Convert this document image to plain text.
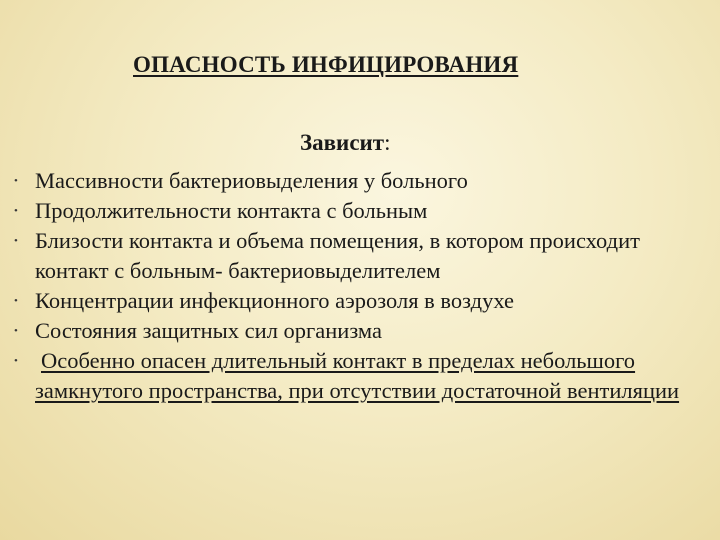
ОПАСНОСТЬ ИНФИЦИРОВАНИЯ
Зависит:
• Массивности бактериовыделения у больного
• Продолжительности контакта с больным
• Близости контакта и объема помещения, в котором происходит контакт с больным- бактериовыделителем
• Концентрации инфекционного аэрозоля в воздухе
• Состояния защитных сил организма
•	Особенно опасен длительный контакт в пределах небольшого замкнутого пространства, при отсутствии достаточной вентиляции
